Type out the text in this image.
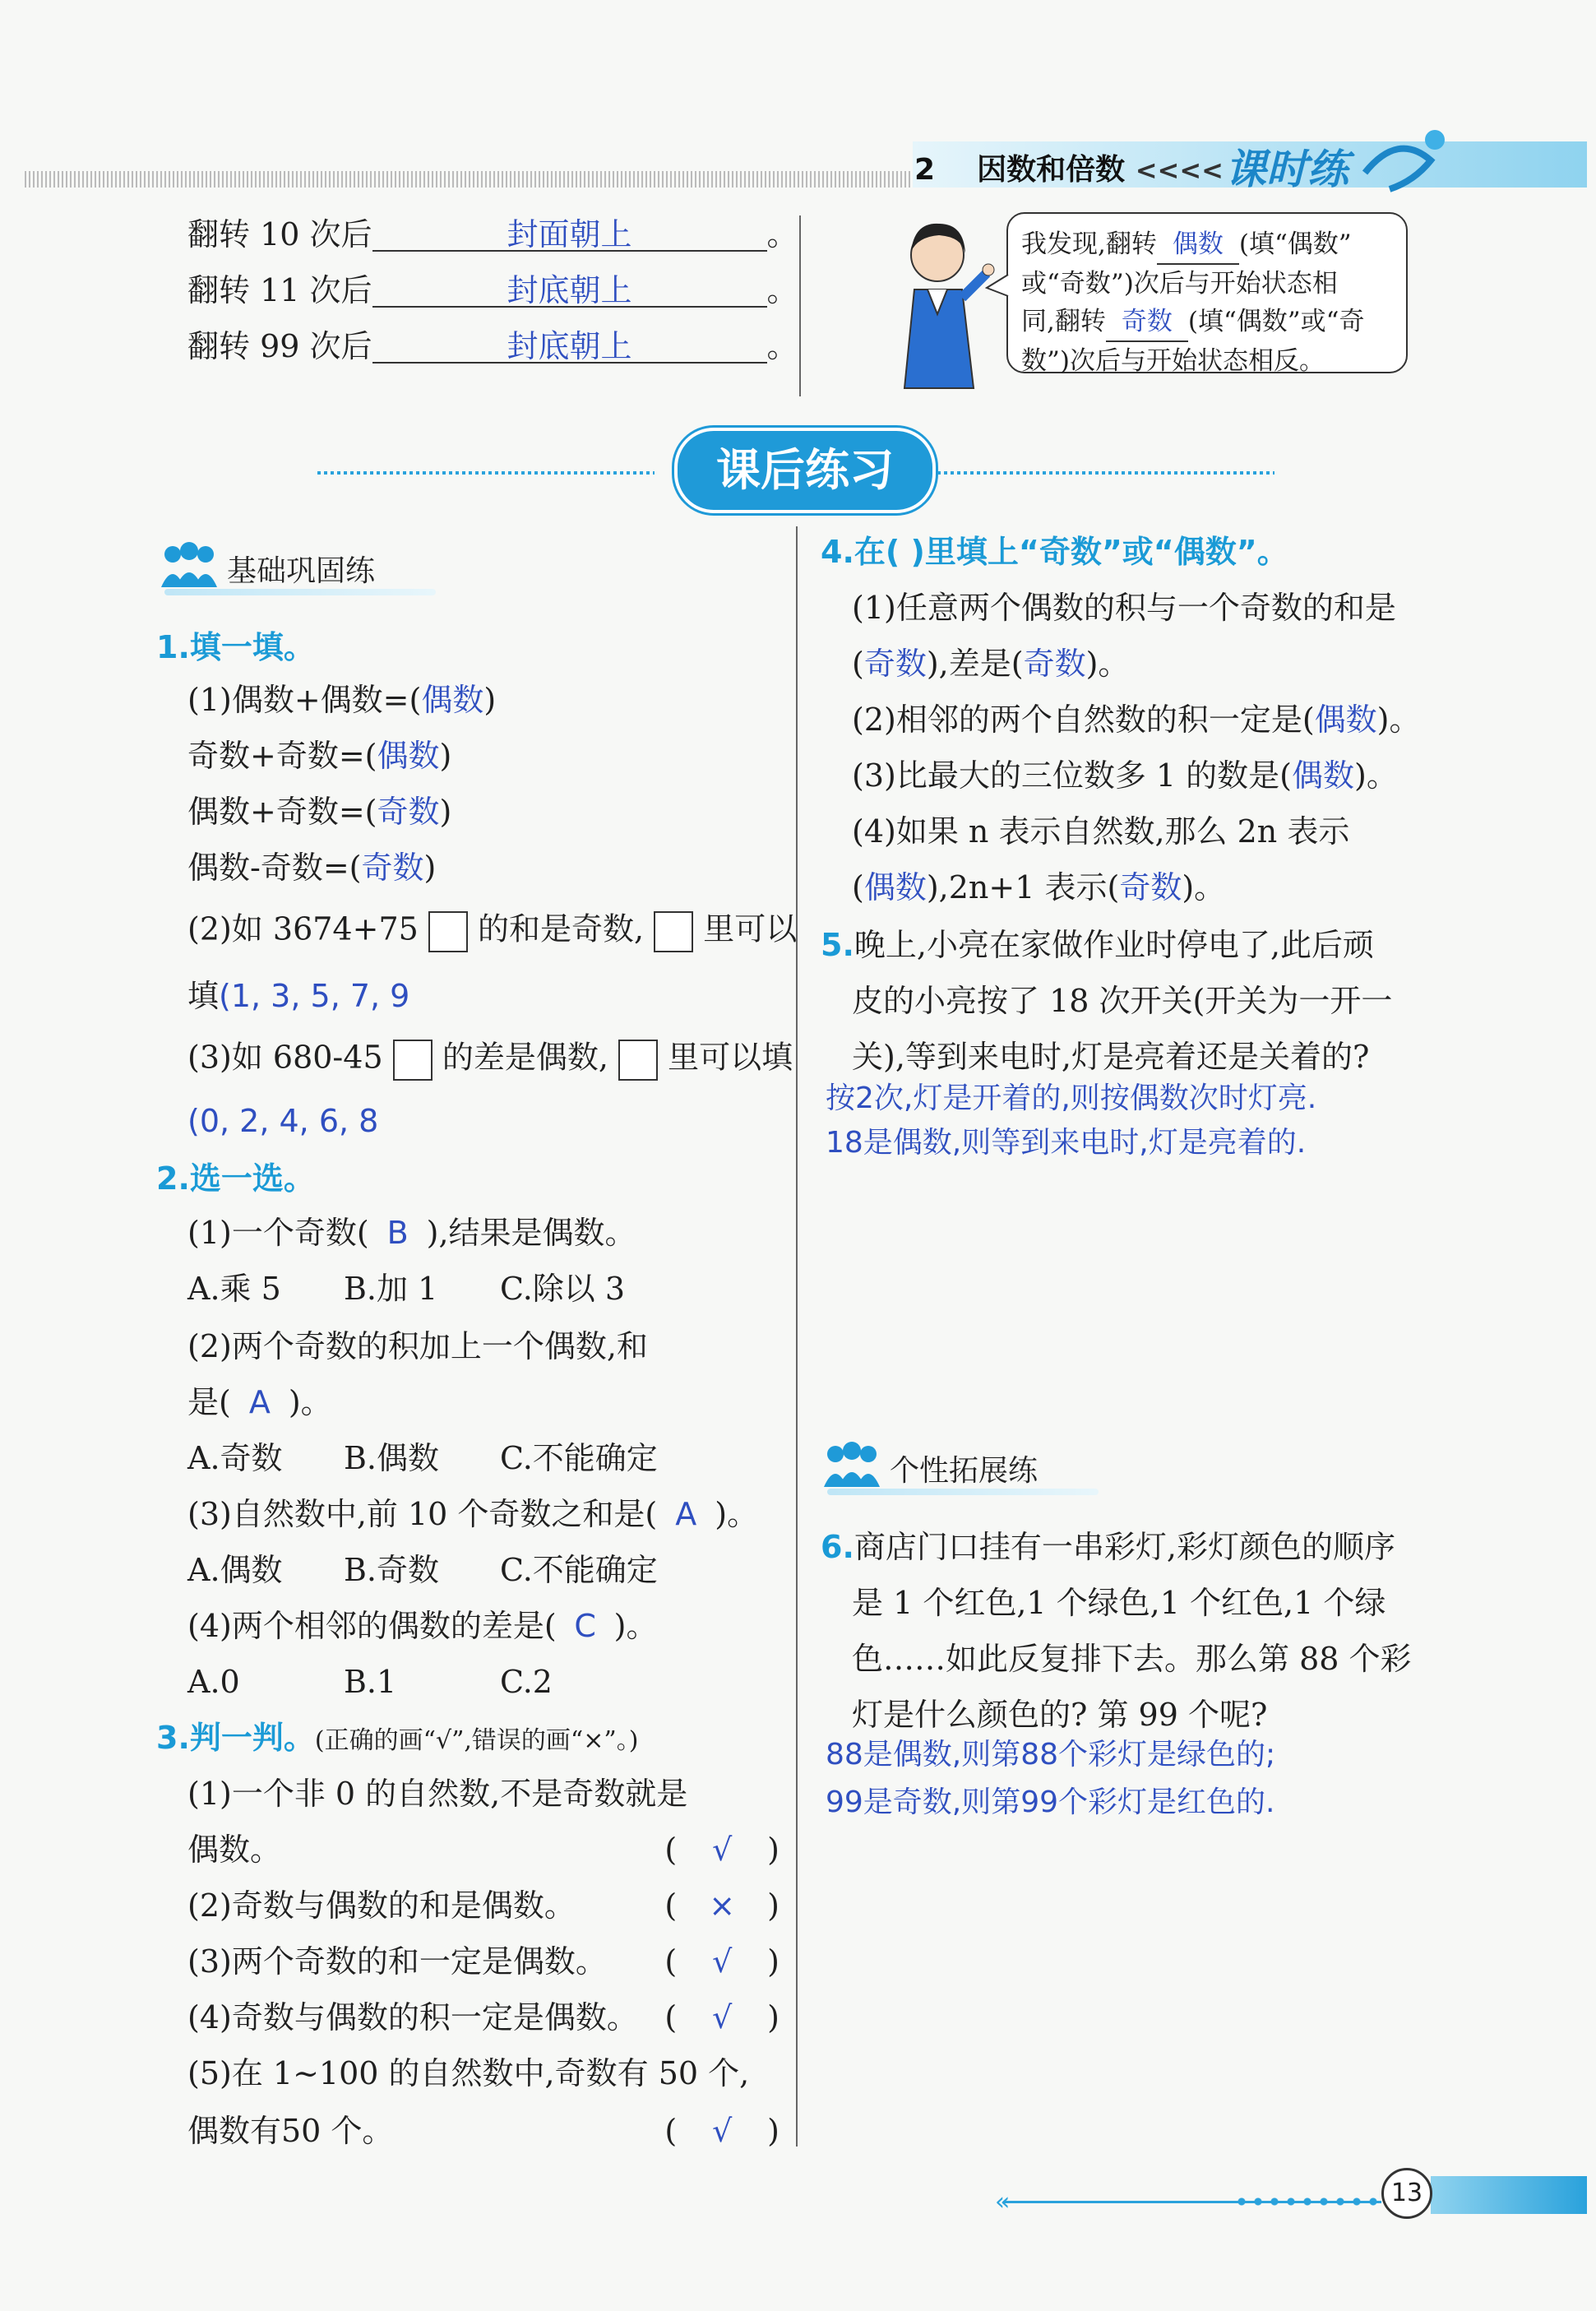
2 因数和倍数 <<<< 课时练
翻转 10 次后	封面朝上	。
翻转 11 次后	封底朝上	。
翻转 99 次后	封底朝上	。
我发现,翻转 偶数 (填“偶数”
或“奇数”)次后与开始状态相
同,翻转 奇数 (填“偶数”或“奇
数”)次后与开始状态相反。
课后练习
基础巩固练
1.填一填。
(1)偶数+偶数=(偶数)
奇数+奇数=(偶数)
偶数+奇数=(奇数)
偶数-奇数=(奇数)
(2)如 3674+75 的和是奇数, 里可以
填(1, 3, 5, 7, 9
(3)如 680-45 的差是偶数, 里可以填
(0, 2, 4, 6, 8
2.选一选。
(1)一个奇数( B ),结果是偶数。
A.乘 5 B.加 1 C.除以 3
(2)两个奇数的积加上一个偶数,和
是( A )。
A.奇数 B.偶数 C.不能确定
(3)自然数中,前 10 个奇数之和是( A )。
A.偶数 B.奇数 C.不能确定
(4)两个相邻的偶数的差是( C )。
A.0	B.1	C.2
3.判一判。(正确的画“√”,错误的画“×”。)
(1)一个非 0 的自然数,不是奇数就是
偶数。	( √ )
(2)奇数与偶数的和是偶数。	( × )
(3)两个奇数的和一定是偶数。 ( √ )
(4)奇数与偶数的积一定是偶数。 ( √ )
(5)在 1~100 的自然数中,奇数有 50 个,
偶数有50 个。	( √ )
4.在( )里填上“奇数”或“偶数”。
(1)任意两个偶数的积与一个奇数的和是
(奇数),差是(奇数)。
(2)相邻的两个自然数的积一定是(偶数)。
(3)比最大的三位数多 1 的数是(偶数)。
(4)如果 n 表示自然数,那么 2n 表示
(偶数),2n+1 表示(奇数)。
5.晚上,小亮在家做作业时停电了,此后顽
皮的小亮按了 18 次开关(开关为一开一
关),等到来电时,灯是亮着还是关着的?
按2次,灯是开着的,则按偶数次时灯亮.
18是偶数,则等到来电时,灯是亮着的.
个性拓展练
6.商店门口挂有一串彩灯,彩灯颜色的顺序
是 1 个红色,1 个绿色,1 个红色,1 个绿
色……如此反复排下去。那么第 88 个彩
灯是什么颜色的? 第 99 个呢?
88是偶数,则第88个彩灯是绿色的;
99是奇数,则第99个彩灯是红色的.
«	13
